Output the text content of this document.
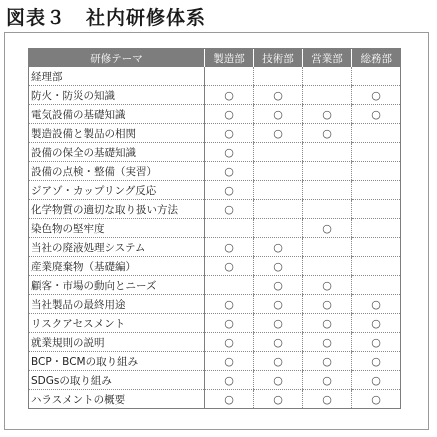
図表３　社内研修体系
研修テーマ	製造部	技術部	営業部	総務部
経理部				
防火・防災の知識	○	○		○
電気設備の基礎知識	○	○	○	○
製造設備と製品の相関	○	○	○	
設備の保全の基礎知識	○			
設備の点検・整備（実習）	○			
ジアゾ・カップリング反応	○			
化学物質の適切な取り扱い方法	○			
染色物の堅牢度			○	
当社の廃液処理システム	○	○		
産業廃棄物（基礎編）	○	○		
顧客・市場の動向とニーズ		○	○	
当社製品の最終用途	○	○	○	○
リスクアセスメント	○	○	○	○
就業規則の説明	○	○	○	○
BCP・BCMの取り組み	○	○	○	○
SDGsの取り組み	○	○	○	○
ハラスメントの概要	○	○	○	○
